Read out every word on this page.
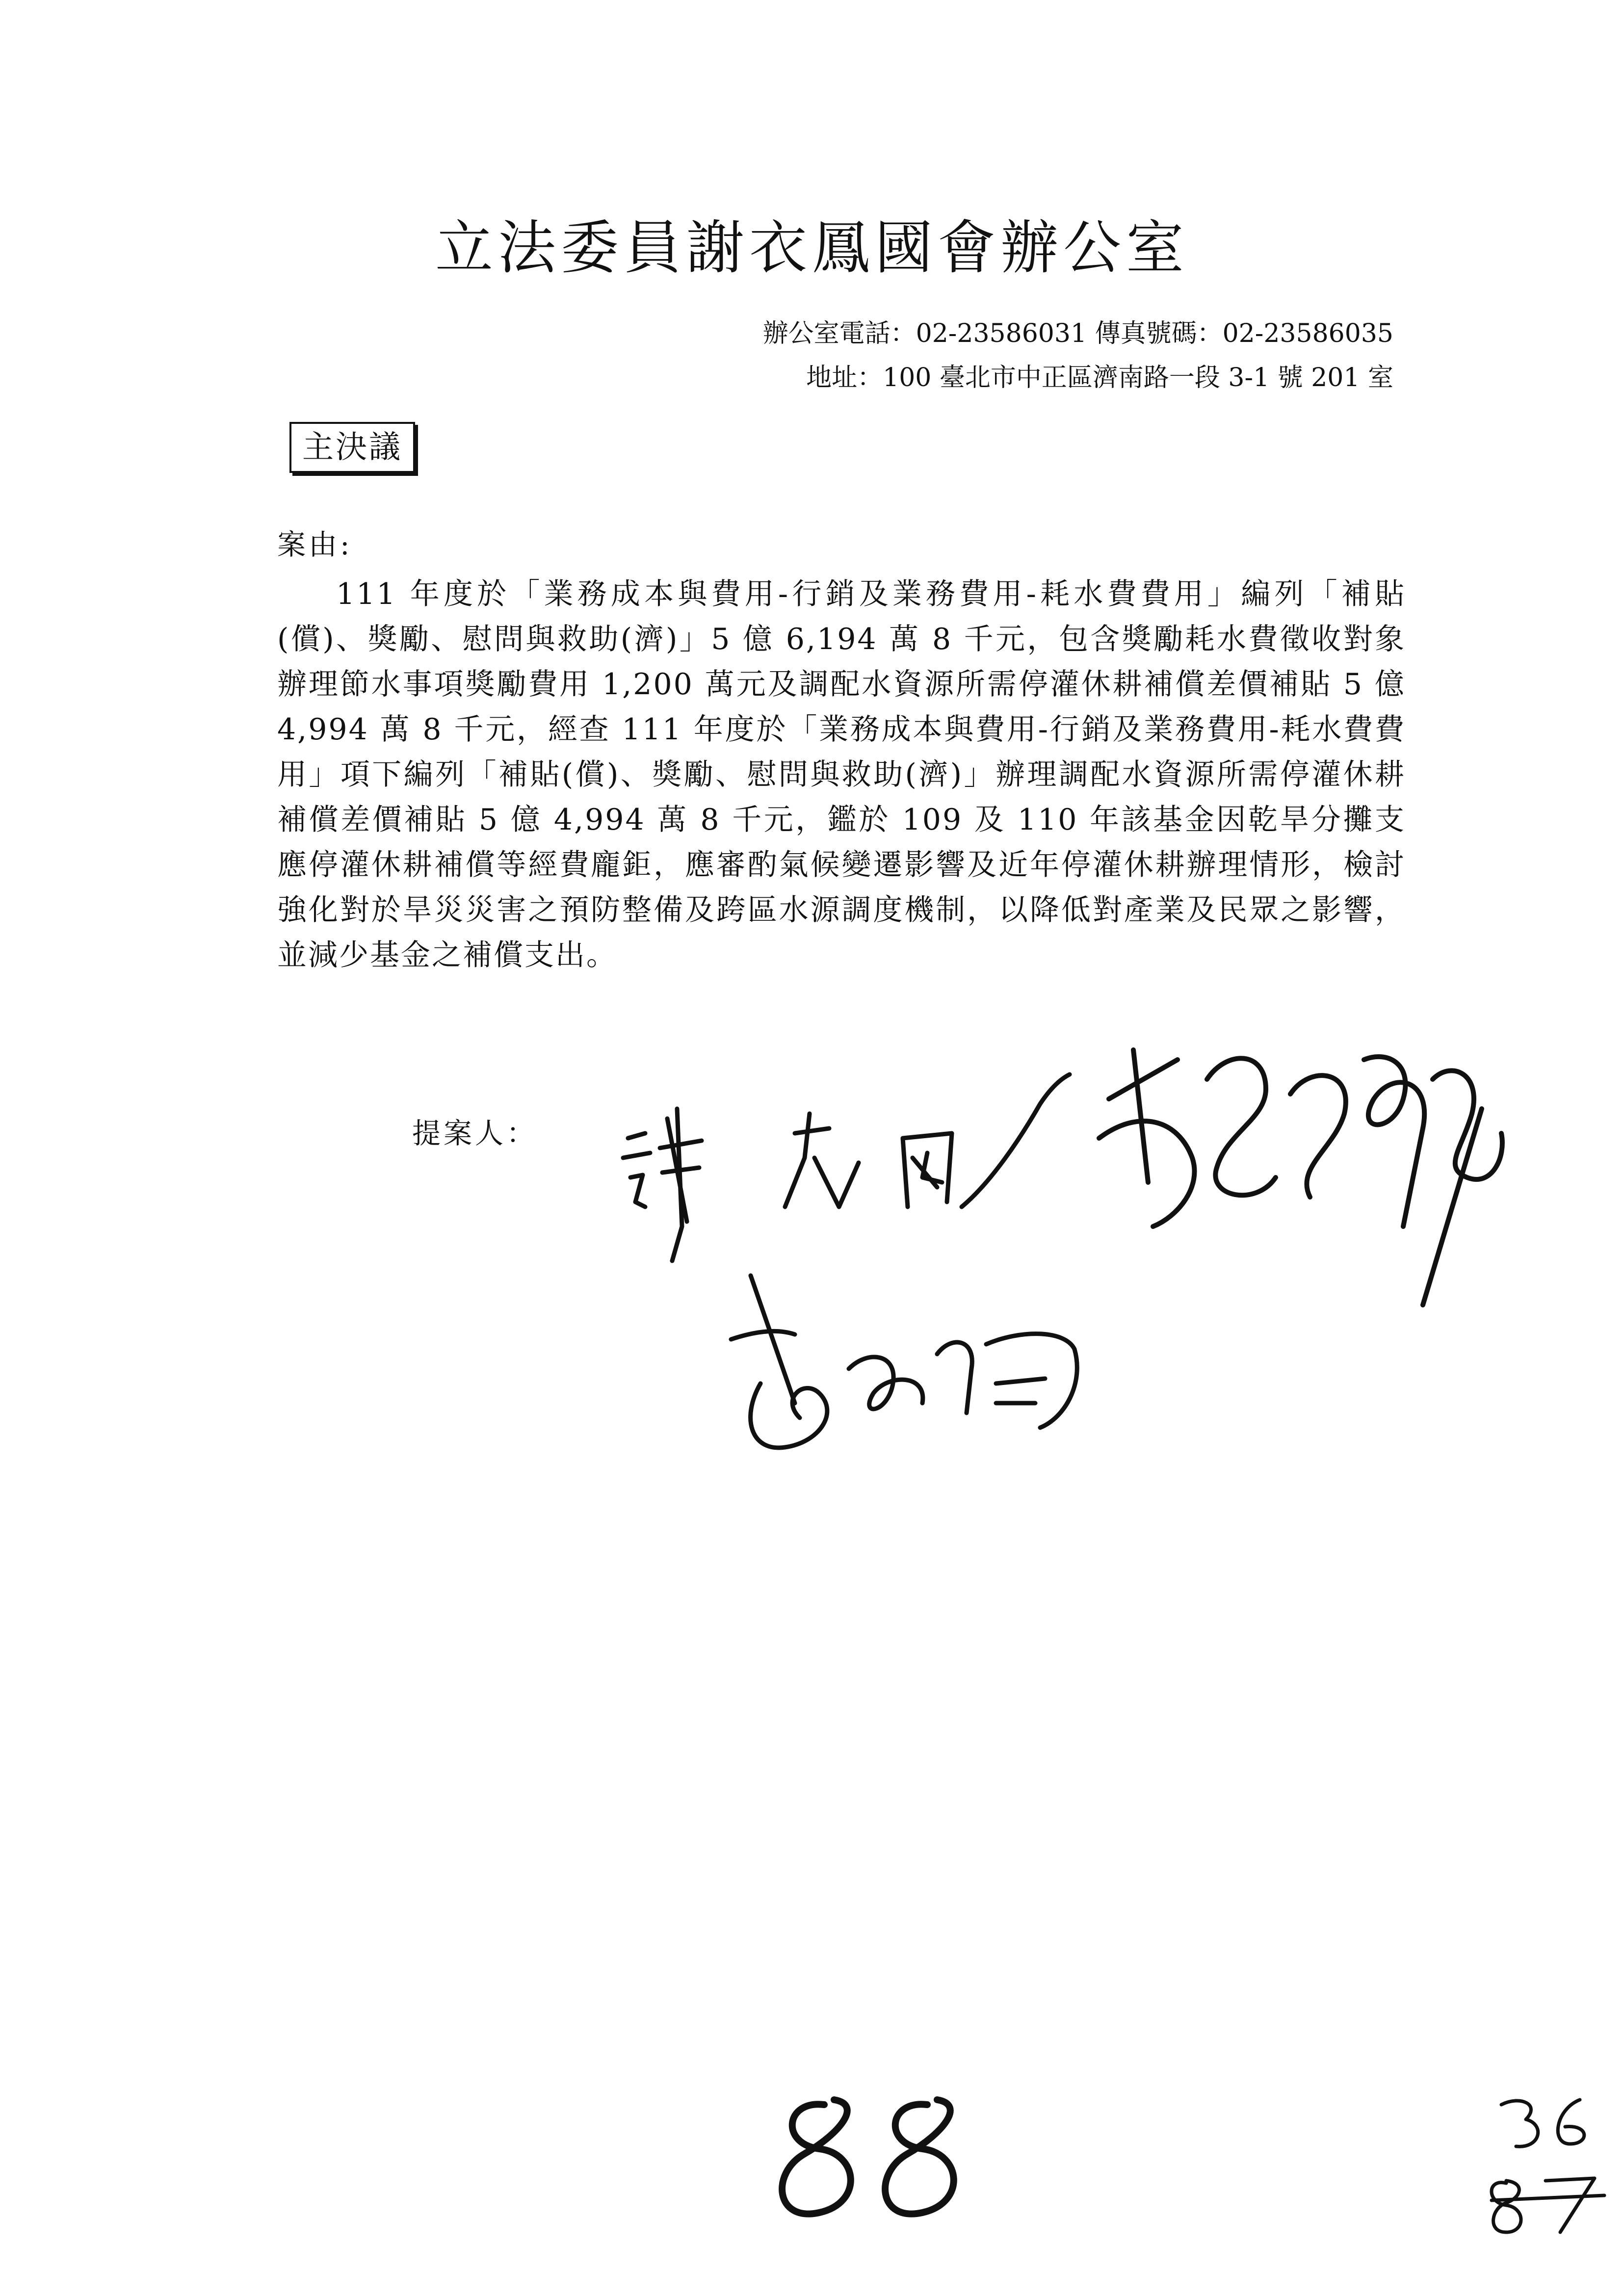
立法委員謝衣鳳國會辦公室
辦公室電話：02-23586031 傳真號碼：02-23586035
地址：100 臺北市中正區濟南路一段 3-1 號 201 室
主決議
案由:

111 年度於「業務成本與費用-行銷及業務費用-耗水費費用」編列「補貼(償)、獎勵、慰問與救助(濟)」5 億 6,194 萬 8 千元，包含獎勵耗水費徵收對象辦理節水事項獎勵費用 1,200 萬元及調配水資源所需停灌休耕補償差價補貼 5 億 4,994 萬 8 千元，經查 111 年度於「業務成本與費用-行銷及業務費用-耗水費費用」項下編列「補貼(償)、獎勵、慰問與救助(濟)」辦理調配水資源所需停灌休耕補償差價補貼 5 億 4,994 萬 8 千元，鑑於 109 及 110 年該基金因乾旱分攤支應停灌休耕補償等經費龐鉅，應審酌氣候變遷影響及近年停灌休耕辦理情形，檢討強化對於旱災災害之預防整備及跨區水源調度機制，以降低對產業及民眾之影響，並減少基金之補償支出。

提案人：
